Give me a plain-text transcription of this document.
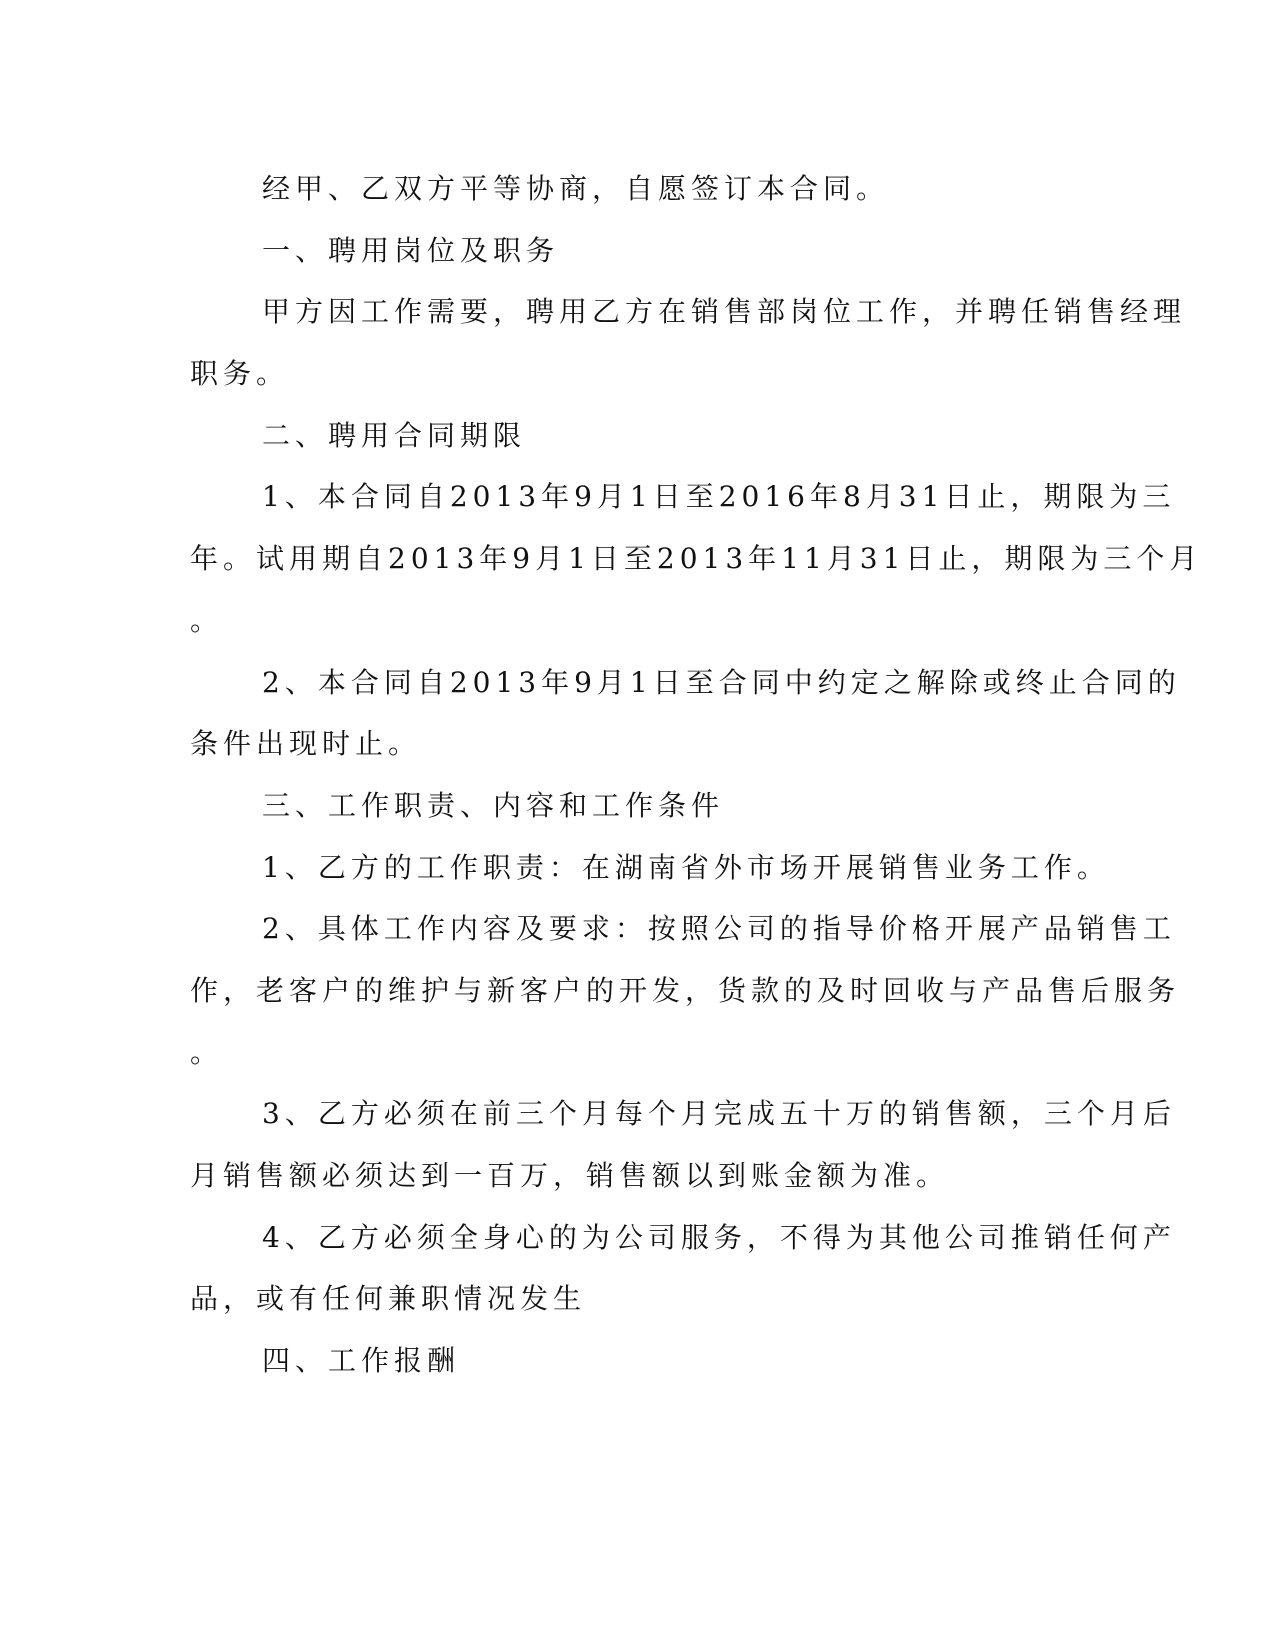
经甲、乙双方平等协商，自愿签订本合同。
一、聘用岗位及职务
甲方因工作需要，聘用乙方在销售部岗位工作，并聘任销售经理
职务。
二、聘用合同期限
1、本合同自2013年9月1日至2016年8月31日止，期限为三
年。试用期自2013年9月1日至2013年11月31日止，期限为三个月
。
2、本合同自2013年9月1日至合同中约定之解除或终止合同的
条件出现时止。
三、工作职责、内容和工作条件
1、乙方的工作职责：在湖南省外市场开展销售业务工作。
2、具体工作内容及要求：按照公司的指导价格开展产品销售工
作，老客户的维护与新客户的开发，货款的及时回收与产品售后服务
。
3、乙方必须在前三个月每个月完成五十万的销售额，三个月后
月销售额必须达到一百万，销售额以到账金额为准。
4、乙方必须全身心的为公司服务，不得为其他公司推销任何产
品，或有任何兼职情况发生
四、工作报酬
